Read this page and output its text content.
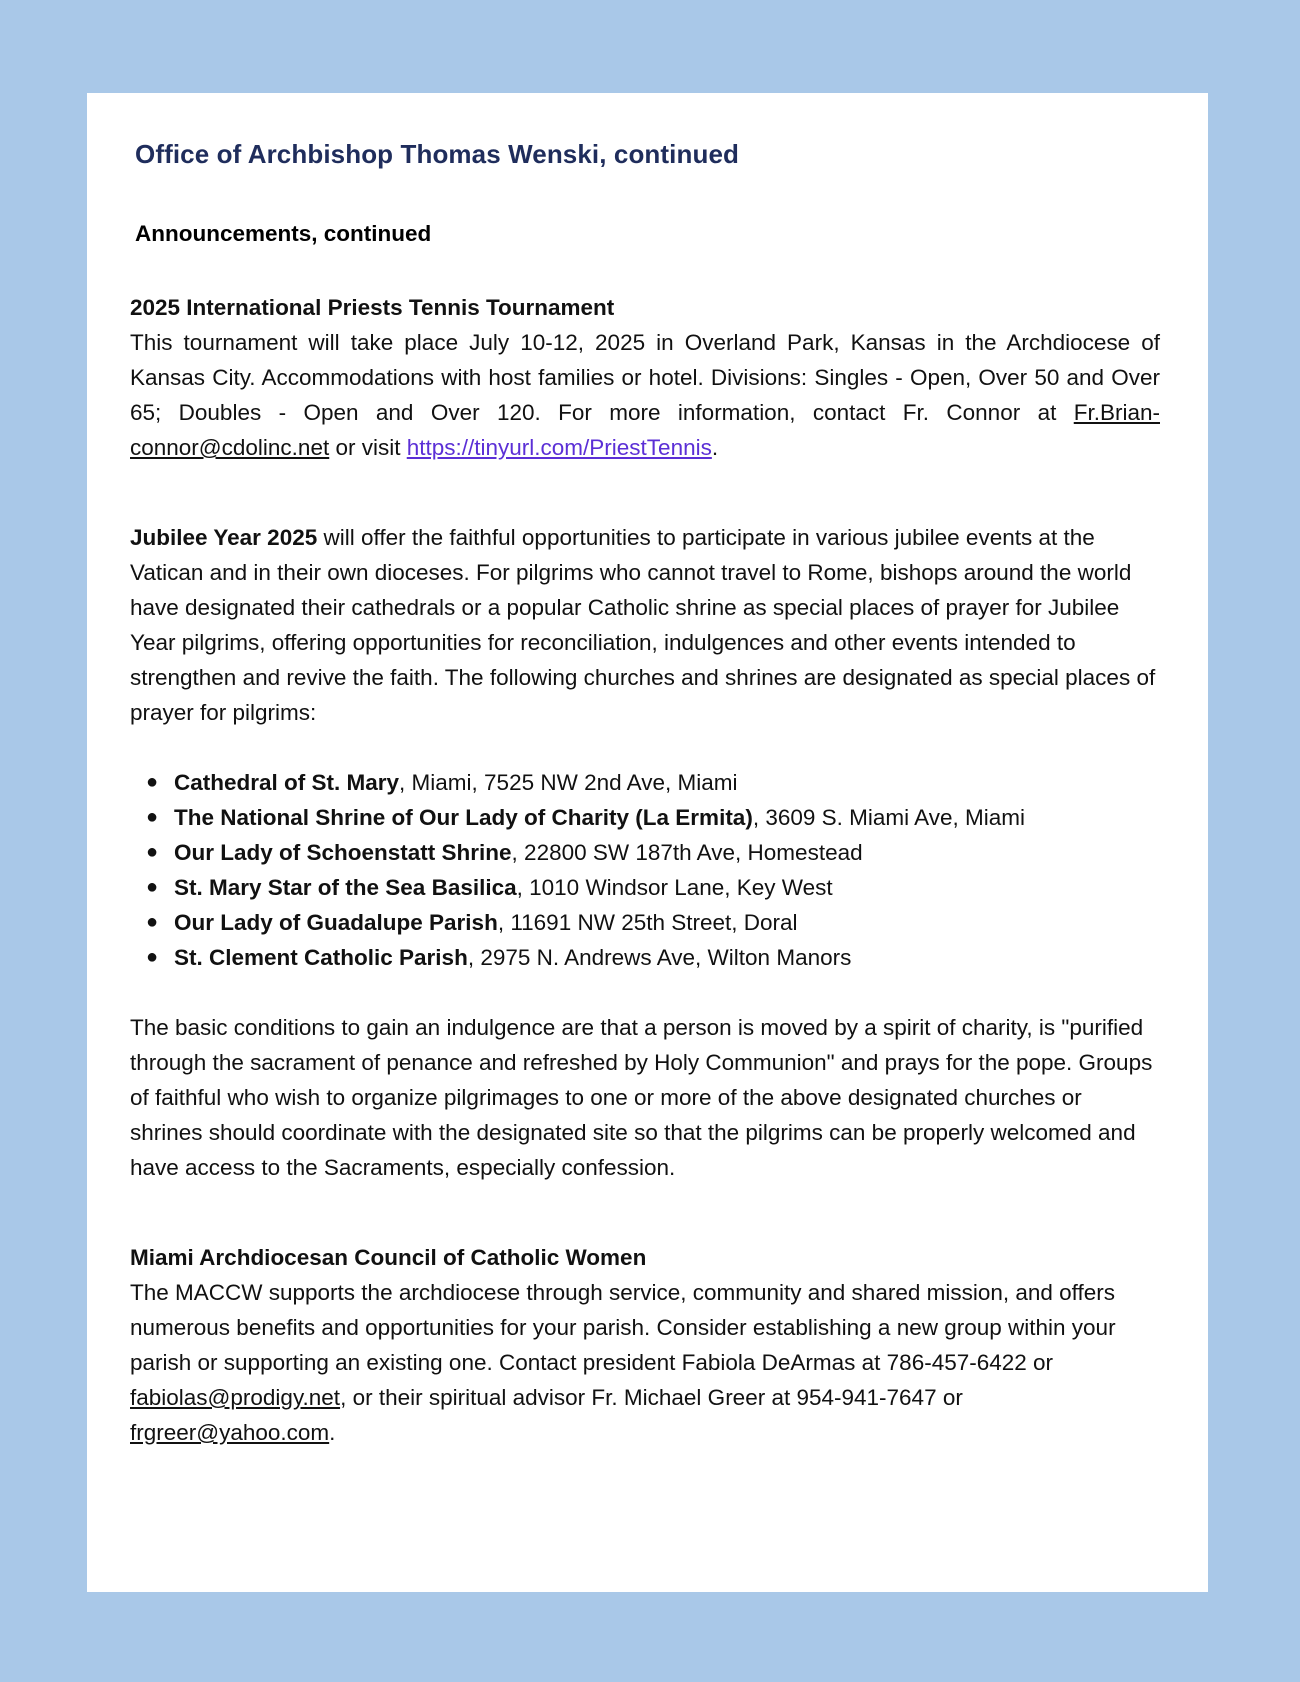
Office of Archbishop Thomas Wenski, continued
Announcements, continued
2025 International Priests Tennis Tournament
This tournament will take place July 10-12, 2025 in Overland Park, Kansas in the Archdiocese of Kansas City. Accommodations with host families or hotel. Divisions: Singles - Open, Over 50 and Over 65; Doubles - Open and Over 120. For more information, contact Fr. Connor at Fr.Brian-connor@cdolinc.net or visit https://tinyurl.com/PriestTennis.
Jubilee Year 2025 will offer the faithful opportunities to participate in various jubilee events at the Vatican and in their own dioceses. For pilgrims who cannot travel to Rome, bishops around the world have designated their cathedrals or a popular Catholic shrine as special places of prayer for Jubilee Year pilgrims, offering opportunities for reconciliation, indulgences and other events intended to strengthen and revive the faith. The following churches and shrines are designated as special places of prayer for pilgrims:
● Cathedral of St. Mary, Miami, 7525 NW 2nd Ave, Miami
● The National Shrine of Our Lady of Charity (La Ermita), 3609 S. Miami Ave, Miami
● Our Lady of Schoenstatt Shrine, 22800 SW 187th Ave, Homestead
● St. Mary Star of the Sea Basilica, 1010 Windsor Lane, Key West
● Our Lady of Guadalupe Parish, 11691 NW 25th Street, Doral
● St. Clement Catholic Parish, 2975 N. Andrews Ave, Wilton Manors
The basic conditions to gain an indulgence are that a person is moved by a spirit of charity, is "purified through the sacrament of penance and refreshed by Holy Communion" and prays for the pope. Groups of faithful who wish to organize pilgrimages to one or more of the above designated churches or shrines should coordinate with the designated site so that the pilgrims can be properly welcomed and have access to the Sacraments, especially confession.
Miami Archdiocesan Council of Catholic Women
The MACCW supports the archdiocese through service, community and shared mission, and offers numerous benefits and opportunities for your parish. Consider establishing a new group within your parish or supporting an existing one. Contact president Fabiola DeArmas at 786-457-6422 or fabiolas@prodigy.net, or their spiritual advisor Fr. Michael Greer at 954-941-7647 or frgreer@yahoo.com.
